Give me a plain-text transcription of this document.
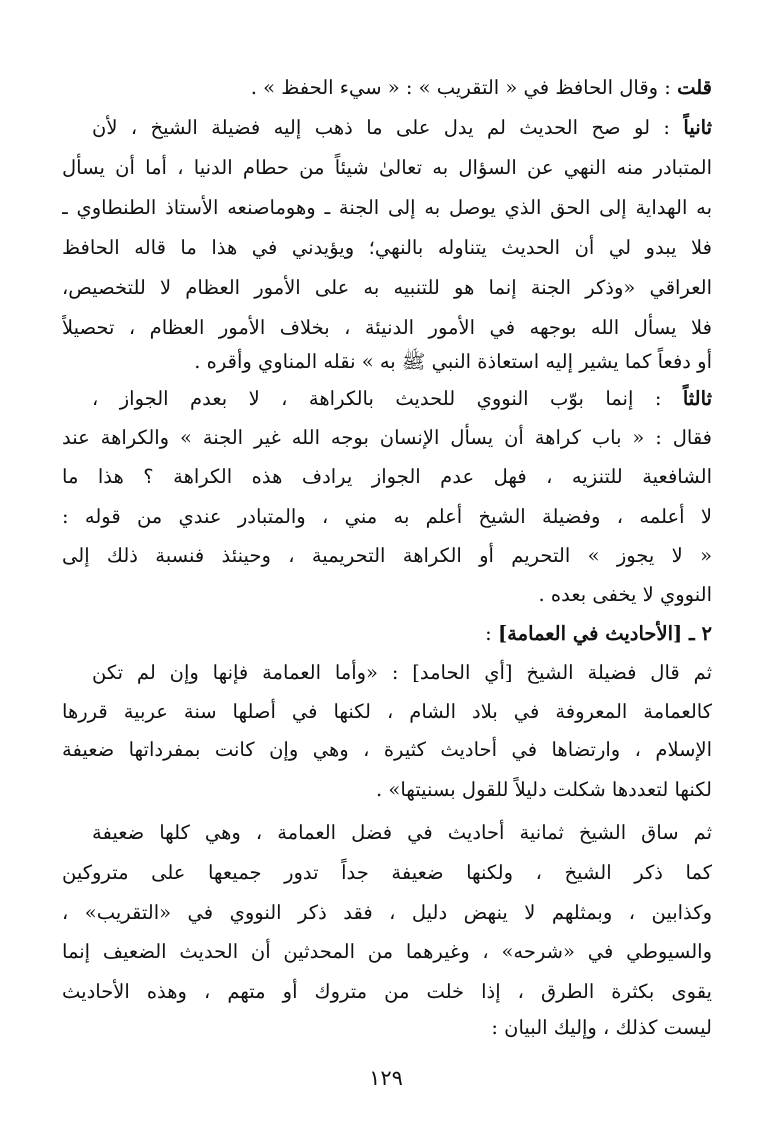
قلت : وقال الحافظ في « التقريب » : « سيء الحفظ » .
ثانياً : لو صح الحديث لم يدل على ما ذهب إليه فضيلة الشيخ ، لأن
المتبادر منه النهي عن السؤال به تعالىٰ شيئاً من حطام الدنيا ، أما أن يسأل
به الهداية إلى الحق الذي يوصل به إلى الجنة ـ وهوماصنعه الأستاذ الطنطاوي ـ
فلا يبدو لي أن الحديث يتناوله بالنهي؛ ويؤيدني في هذا ما قاله الحافظ
العراقي «وذكر الجنة إنما هو للتنبيه به على الأمور العظام لا للتخصيص،
فلا يسأل الله بوجهه في الأمور الدنيئة ، بخلاف الأمور العظام ، تحصيلاً
أو دفعاً كما يشير إليه استعاذة النبي ﷺ به » نقله المناوي وأقره .
ثالثاً : إنما بوّب النووي للحديث بالكراهة ، لا بعدم الجواز ،
فقال : « باب كراهة أن يسأل الإنسان بوجه الله غير الجنة » والكراهة عند
الشافعية للتنزيه ، فهل عدم الجواز يرادف هذه الكراهة ؟ هذا ما
لا أعلمه ، وفضيلة الشيخ أعلم به مني ، والمتبادر عندي من قوله :
« لا يجوز » التحريم أو الكراهة التحريمية ، وحينئذ فنسبة ذلك إلى
النووي لا يخفى بعده .
٢ ـ [الأحاديث في العمامة] :
ثم قال فضيلة الشيخ [أي الحامد] : «وأما العمامة فإنها وإن لم تكن
كالعمامة المعروفة في بلاد الشام ، لكنها في أصلها سنة عربية قررها
الإسلام ، وارتضاها في أحاديث كثيرة ، وهي وإن كانت بمفرداتها ضعيفة
لكنها لتعددها شكلت دليلاً للقول بسنيتها» .
ثم ساق الشيخ ثمانية أحاديث في فضل العمامة ، وهي كلها ضعيفة
كما ذكر الشيخ ، ولكنها ضعيفة جداً تدور جميعها على متروكين
وكذابين ، وبمثلهم لا ينهض دليل ، فقد ذكر النووي في «التقريب» ،
والسيوطي في «شرحه» ، وغيرهما من المحدثين أن الحديث الضعيف إنما
يقوى بكثرة الطرق ، إذا خلت من متروك أو متهم ، وهذه الأحاديث
ليست كذلك ، وإليك البيان :
١٢٩
